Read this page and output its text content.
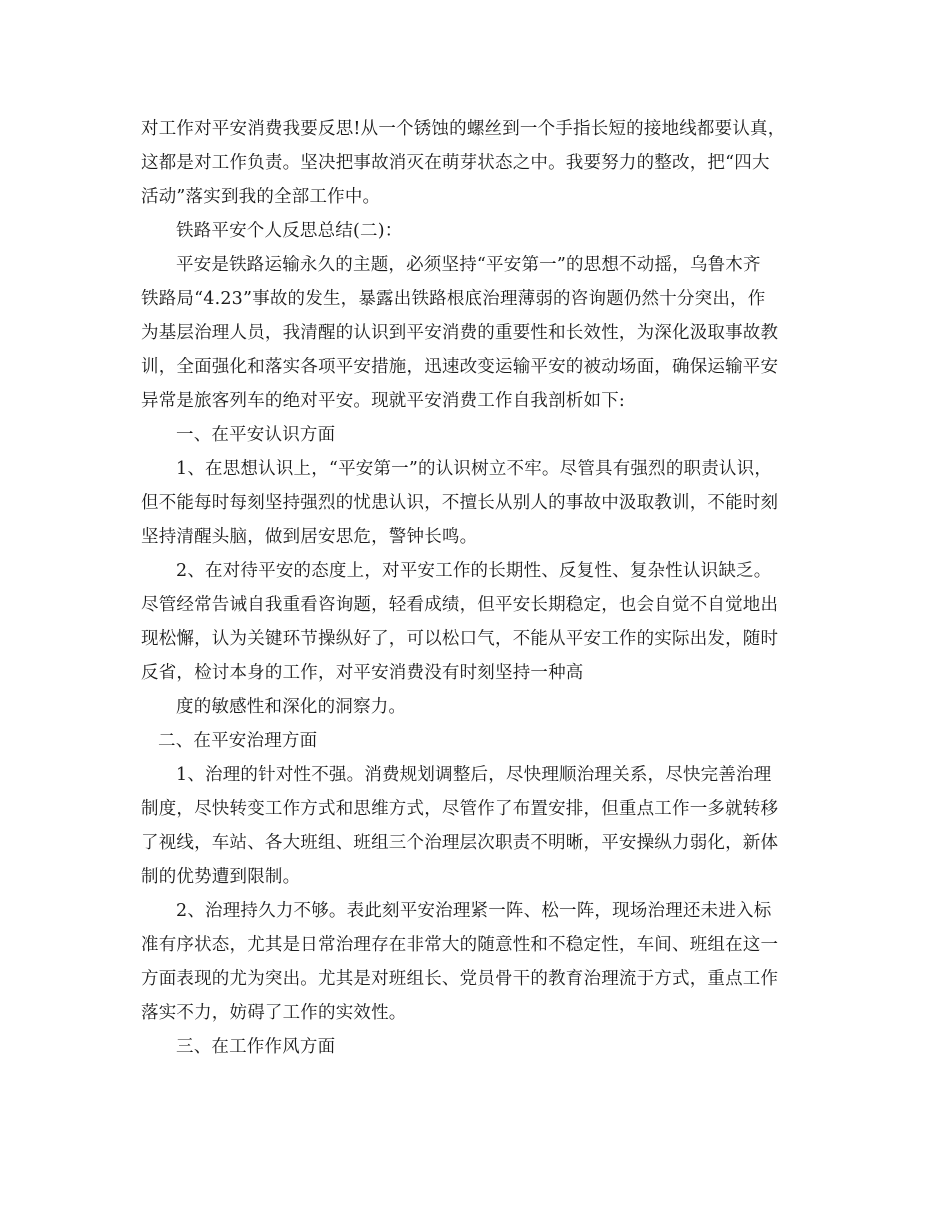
对工作对平安消费我要反思!从一个锈蚀的螺丝到一个手指长短的接地线都要认真，
这都是对工作负责。坚决把事故消灭在萌芽状态之中。我要努力的整改，把“四大
活动”落实到我的全部工作中。
铁路平安个人反思总结(二)：
平安是铁路运输永久的主题，必须坚持“平安第一”的思想不动摇，乌鲁木齐
铁路局“4.23”事故的发生，暴露出铁路根底治理薄弱的咨询题仍然十分突出，作
为基层治理人员，我清醒的认识到平安消费的重要性和长效性，为深化汲取事故教
训，全面强化和落实各项平安措施，迅速改变运输平安的被动场面，确保运输平安
异常是旅客列车的绝对平安。现就平安消费工作自我剖析如下:
一、在平安认识方面
1、在思想认识上，“平安第一”的认识树立不牢。尽管具有强烈的职责认识，
但不能每时每刻坚持强烈的忧患认识，不擅长从别人的事故中汲取教训，不能时刻
坚持清醒头脑，做到居安思危，警钟长鸣。
2、在对待平安的态度上，对平安工作的长期性、反复性、复杂性认识缺乏。
尽管经常告诫自我重看咨询题，轻看成绩，但平安长期稳定，也会自觉不自觉地出
现松懈，认为关键环节操纵好了，可以松口气，不能从平安工作的实际出发，随时
反省，检讨本身的工作，对平安消费没有时刻坚持一种高
度的敏感性和深化的洞察力。
二、在平安治理方面
1、治理的针对性不强。消费规划调整后，尽快理顺治理关系，尽快完善治理
制度，尽快转变工作方式和思维方式，尽管作了布置安排，但重点工作一多就转移
了视线，车站、各大班组、班组三个治理层次职责不明晰，平安操纵力弱化，新体
制的优势遭到限制。
2、治理持久力不够。表此刻平安治理紧一阵、松一阵，现场治理还未进入标
准有序状态，尤其是日常治理存在非常大的随意性和不稳定性，车间、班组在这一
方面表现的尤为突出。尤其是对班组长、党员骨干的教育治理流于方式，重点工作
落实不力，妨碍了工作的实效性。
三、在工作作风方面
